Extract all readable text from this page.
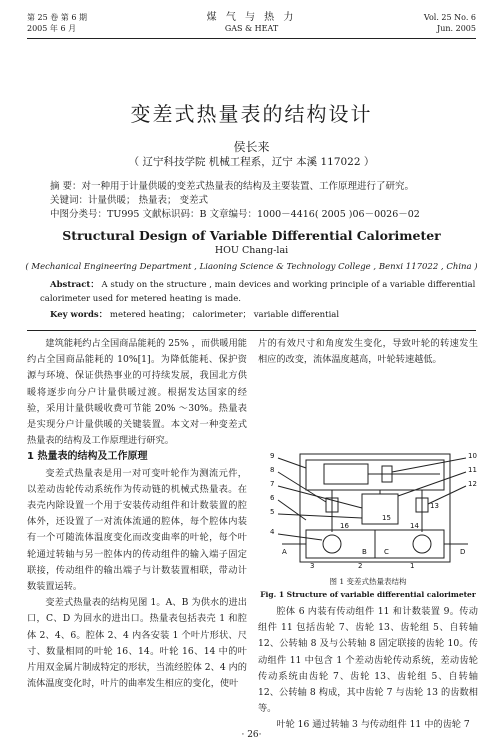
第 25 卷 第 6 期
2005 年 6 月
煤 气 与 热 力
GAS & HEAT
Vol. 25 No. 6
Jun. 2005
变差式热量表的结构设计
侯长来
（ 辽宁科技学院 机械工程系，辽宁 本溪 117022 ）
摘 要：对一种用于计量供暖的变差式热量表的结构及主要装置、工作原理进行了研究。
关键词：计量供暖； 热量表； 变差式
中图分类号：TU995 文献标识码：B 文章编号：1000－4416( 2005 )06－0026－02
Structural Design of Variable Differential Calorimeter
HOU Chang-lai
( Mechanical Engineering Department , Liaoning Science & Technology College , Benxi 117022 , China )
Abstract： A study on the structure , main devices and working principle of a variable differential
calorimeter used for metered heating is made.
Key words： metered heating； calorimeter； variable differential

建筑能耗约占全国商品能耗的 25% ，而供暖用能约占全国商品能耗的 10%[1]。为降低能耗、保护资源与环境、保证供热事业的可持续发展，我国北方供暖将逐步向分户计量供暖过渡。根据发达国家的经验，采用计量供暖收费可节能 20% ～30%。热量表是实现分户计量供暖的关键装置。本文对一种变差式热量表的结构及工作原理进行研究。

1 热量表的结构及工作原理

变差式热量表是用一对可变叶轮作为测流元件，以差动齿轮传动系统作为传动链的机械式热量表。在表壳内除设置一个用于安装传动组件和计数装置的腔体外，还设置了一对流体流通的腔体，每个腔体内装有一个可随流体温度变化而改变曲率的叶轮，每个叶轮通过转轴与另一腔体内的传动组件的输入端子固定联接，传动组件的输出端子与计数装置相联，带动计数装置运转。

变差式热量表的结构见图 1。A、B 为供水的进出口，C、D 为回水的进出口。热量表包括表壳 1 和腔体 2、4、6。腔体 2、4 内各安装 1 个叶片形状、尺寸、数量相同的叶轮 16、14。叶轮 16、14 中的叶片用双金属片制成特定的形状，当流经腔体 2、4 内的流体温度变化时，叶片的曲率发生相应的变化，使叶

片的有效尺寸和角度发生变化，导致叶轮的转速发生相应的改变，流体温度越高，叶轮转速越低。

9
8
7
6
5
4
10
11
12
13
14
15
16
3	2	1
A	B C	D
图 1 变差式热量表结构
Fig. 1 Structure of variable differential calorimeter

腔体 6 内装有传动组件 11 和计数装置 9。传动组件 11 包括齿轮 7、齿轮 13、齿轮组 5、自转轴 12、公转轴 8 及与公转轴 8 固定联接的齿轮 10。传动组件 11 中包含 1 个差动齿轮传动系统，差动齿轮传动系统由齿轮 7、齿轮 13、齿轮组 5、自转轴 12、公转轴 8 构成，其中齿轮 7 与齿轮 13 的齿数相等。

叶轮 16 通过转轴 3 与传动组件 11 中的齿轮 7

· 26·
